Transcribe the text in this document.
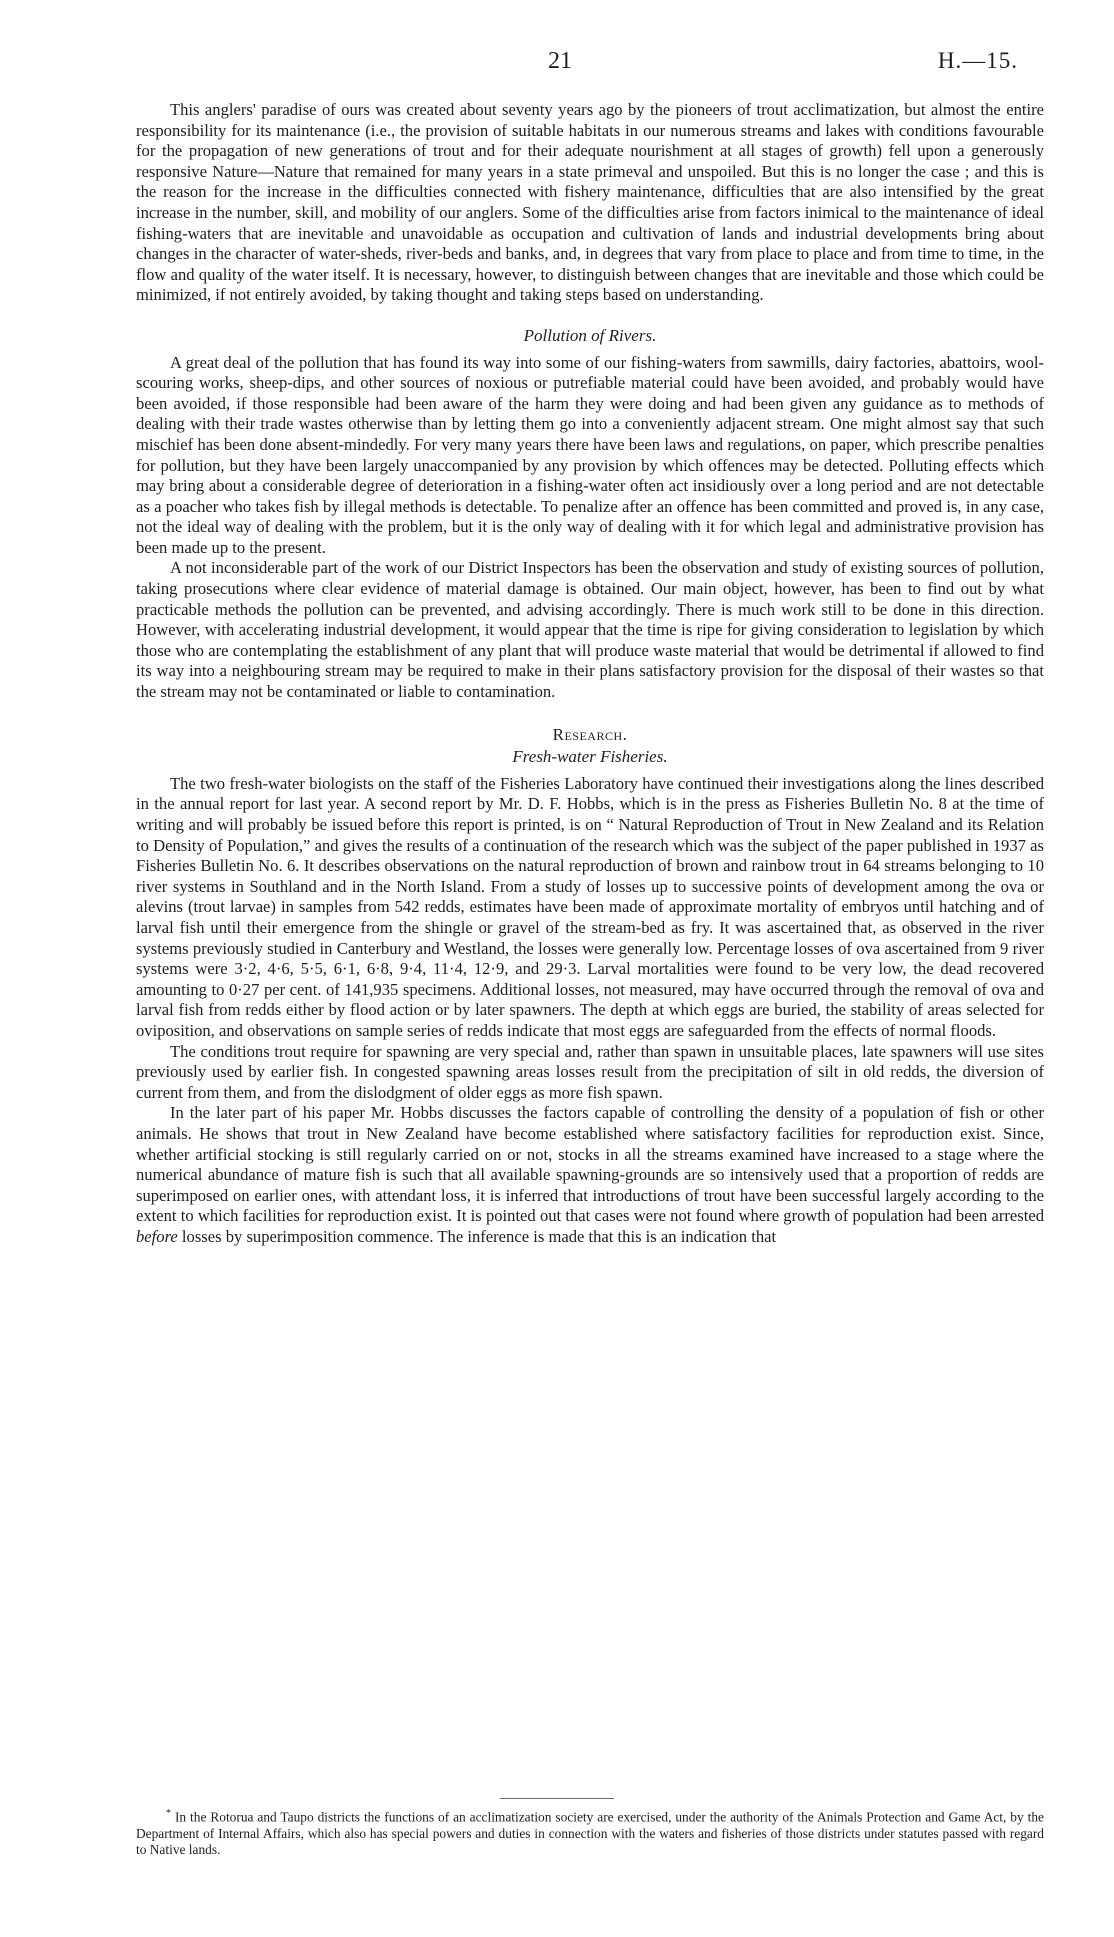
21	H.—15.

This anglers' paradise of ours was created about seventy years ago by the pioneers of trout acclimatization, but almost the entire responsibility for its maintenance (i.e., the provision of suitable habitats in our numerous streams and lakes with conditions favourable for the propagation of new generations of trout and for their adequate nourishment at all stages of growth) fell upon a generously responsive Nature—Nature that remained for many years in a state primeval and unspoiled. But this is no longer the case ; and this is the reason for the increase in the difficulties connected with fishery maintenance, difficulties that are also intensified by the great increase in the number, skill, and mobility of our anglers. Some of the difficulties arise from factors inimical to the maintenance of ideal fishing-waters that are inevitable and unavoidable as occupation and cultivation of lands and industrial developments bring about changes in the character of water-sheds, river-beds and banks, and, in degrees that vary from place to place and from time to time, in the flow and quality of the water itself. It is necessary, however, to distinguish between changes that are inevitable and those which could be minimized, if not entirely avoided, by taking thought and taking steps based on understanding.

Pollution of Rivers.

A great deal of the pollution that has found its way into some of our fishing-waters from sawmills, dairy factories, abattoirs, wool-scouring works, sheep-dips, and other sources of noxious or putrefiable material could have been avoided, and probably would have been avoided, if those responsible had been aware of the harm they were doing and had been given any guidance as to methods of dealing with their trade wastes otherwise than by letting them go into a conveniently adjacent stream. One might almost say that such mischief has been done absent-mindedly. For very many years there have been laws and regulations, on paper, which prescribe penalties for pollution, but they have been largely unaccompanied by any provision by which offences may be detected. Polluting effects which may bring about a considerable degree of deterioration in a fishing-water often act insidiously over a long period and are not detectable as a poacher who takes fish by illegal methods is detectable. To penalize after an offence has been committed and proved is, in any case, not the ideal way of dealing with the problem, but it is the only way of dealing with it for which legal and administrative provision has been made up to the present.

A not inconsiderable part of the work of our District Inspectors has been the observation and study of existing sources of pollution, taking prosecutions where clear evidence of material damage is obtained. Our main object, however, has been to find out by what practicable methods the pollution can be prevented, and advising accordingly. There is much work still to be done in this direction. However, with accelerating industrial development, it would appear that the time is ripe for giving consideration to legislation by which those who are contemplating the establishment of any plant that will produce waste material that would be detrimental if allowed to find its way into a neighbouring stream may be required to make in their plans satisfactory provision for the disposal of their wastes so that the stream may not be contaminated or liable to contamination.

Research.
Fresh-water Fisheries.

The two fresh-water biologists on the staff of the Fisheries Laboratory have continued their investigations along the lines described in the annual report for last year. A second report by Mr. D. F. Hobbs, which is in the press as Fisheries Bulletin No. 8 at the time of writing and will probably be issued before this report is printed, is on “ Natural Reproduction of Trout in New Zealand and its Relation to Density of Population,” and gives the results of a continuation of the research which was the subject of the paper published in 1937 as Fisheries Bulletin No. 6. It describes observations on the natural reproduction of brown and rainbow trout in 64 streams belonging to 10 river systems in Southland and in the North Island. From a study of losses up to successive points of development among the ova or alevins (trout larvae) in samples from 542 redds, estimates have been made of approximate mortality of embryos until hatching and of larval fish until their emergence from the shingle or gravel of the stream-bed as fry. It was ascertained that, as observed in the river systems previously studied in Canterbury and Westland, the losses were generally low. Percentage losses of ova ascertained from 9 river systems were 3·2, 4·6, 5·5, 6·1, 6·8, 9·4, 11·4, 12·9, and 29·3. Larval mortalities were found to be very low, the dead recovered amounting to 0·27 per cent. of 141,935 specimens. Additional losses, not measured, may have occurred through the removal of ova and larval fish from redds either by flood action or by later spawners. The depth at which eggs are buried, the stability of areas selected for oviposition, and observations on sample series of redds indicate that most eggs are safeguarded from the effects of normal floods.

The conditions trout require for spawning are very special and, rather than spawn in unsuitable places, late spawners will use sites previously used by earlier fish. In congested spawning areas losses result from the precipitation of silt in old redds, the diversion of current from them, and from the dislodgment of older eggs as more fish spawn.

In the later part of his paper Mr. Hobbs discusses the factors capable of controlling the density of a population of fish or other animals. He shows that trout in New Zealand have become established where satisfactory facilities for reproduction exist. Since, whether artificial stocking is still regularly carried on or not, stocks in all the streams examined have increased to a stage where the numerical abundance of mature fish is such that all available spawning-grounds are so intensively used that a proportion of redds are superimposed on earlier ones, with attendant loss, it is inferred that introductions of trout have been successful largely according to the extent to which facilities for reproduction exist. It is pointed out that cases were not found where growth of population had been arrested before losses by superimposition commence. The inference is made that this is an indication that

* In the Rotorua and Taupo districts the functions of an acclimatization society are exercised, under the authority of the Animals Protection and Game Act, by the Department of Internal Affairs, which also has special powers and duties in connection with the waters and fisheries of those districts under statutes passed with regard to Native lands.
